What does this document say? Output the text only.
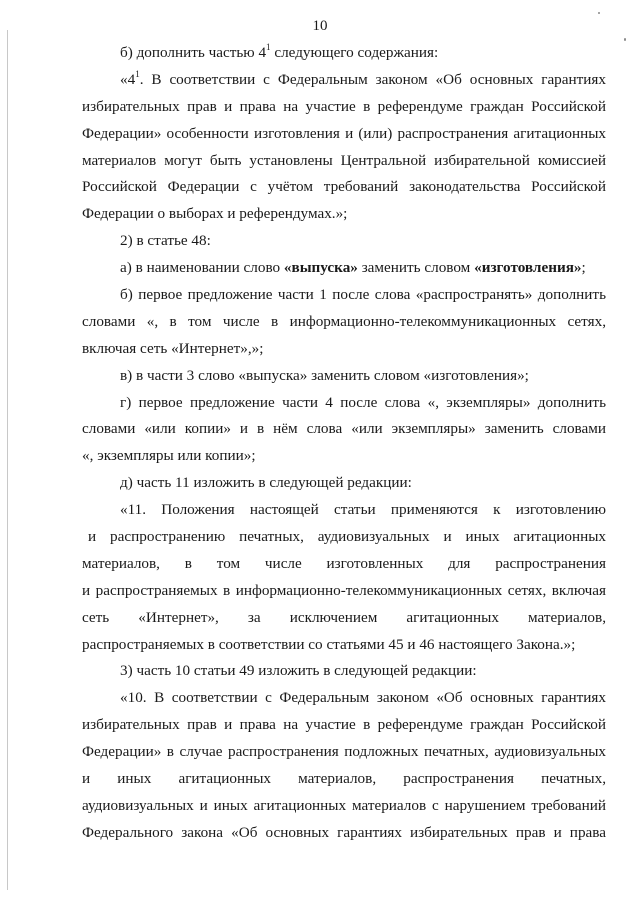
10
б) дополнить частью $4^1$ следующего содержания:
«$4^1$. В соответствии с Федеральным законом «Об основных гарантиях
избирательных прав и права на участие в референдуме граждан Российской
Федерации» особенности изготовления и (или) распространения агитационных
материалов могут быть установлены Центральной избирательной комиссией
Российской Федерации с учётом требований законодательства Российской
Федерации о выборах и референдумах.»;
2) в статье 48:
а) в наименовании слово «выпуска» заменить словом «изготовления»;
б) первое предложение части 1 после слова «распространять» дополнить
словами «, в том числе в информационно-телекоммуникационных сетях,
включая сеть «Интернет»,»;
в) в части 3 слово «выпуска» заменить словом «изготовления»;
г) первое предложение части 4 после слова «, экземпляры» дополнить
словами «или копии» и в нём слова «или экземпляры» заменить словами
«, экземпляры или копии»;
д) часть 11 изложить в следующей редакции:
«11. Положения настоящей статьи применяются к изготовлению
и распространению печатных, аудиовизуальных и иных агитационных
материалов, в том числе изготовленных для распространения
и распространяемых в информационно-телекоммуникационных сетях, включая
сеть «Интернет», за исключением агитационных материалов,
распространяемых в соответствии со статьями 45 и 46 настоящего Закона.»;
3) часть 10 статьи 49 изложить в следующей редакции:
«10. В соответствии с Федеральным законом «Об основных гарантиях
избирательных прав и права на участие в референдуме граждан Российской
Федерации» в случае распространения подложных печатных, аудиовизуальных
и иных агитационных материалов, распространения печатных,
аудиовизуальных и иных агитационных материалов с нарушением требований
Федерального закона «Об основных гарантиях избирательных прав и права
